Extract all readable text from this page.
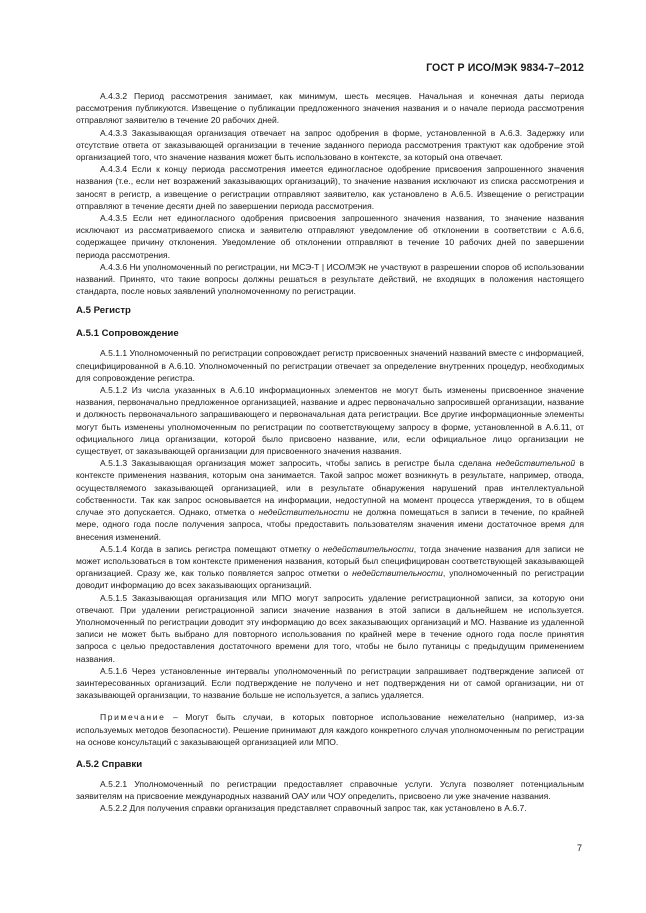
ГОСТ Р ИСО/МЭК 9834-7–2012

А.4.3.2 Период рассмотрения занимает, как минимум, шесть месяцев. Начальная и конечная даты периода рассмотрения публикуются. Извещение о публикации предложенного значения названия и о начале периода рассмотрения отправляют заявителю в течение 20 рабочих дней.

А.4.3.3 Заказывающая организация отвечает на запрос одобрения в форме, установленной в А.6.3. Задержку или отсутствие ответа от заказывающей организации в течение заданного периода рассмотрения трактуют как одобрение этой организацией того, что значение названия может быть использовано в контексте, за который она отвечает.

А.4.3.4 Если к концу периода рассмотрения имеется единогласное одобрение присвоения запрошенного значения названия (т.е., если нет возражений заказывающих организаций), то значение названия исключают из списка рассмотрения и заносят в регистр, а извещение о регистрации отправляют заявителю, как установлено в А.6.5. Извещение о регистрации отправляют в течение десяти дней по завершении периода рассмотрения.

А.4.3.5 Если нет единогласного одобрения присвоения запрошенного значения названия, то значение названия исключают из рассматриваемого списка и заявителю отправляют уведомление об отклонении в соответствии с А.6.6, содержащее причину отклонения. Уведомление об отклонении отправляют в течение 10 рабочих дней по завершении периода рассмотрения.

А.4.3.6 Ни уполномоченный по регистрации, ни МСЭ-Т | ИСО/МЭК не участвуют в разрешении споров об использовании названий. Принято, что такие вопросы должны решаться в результате действий, не входящих в положения настоящего стандарта, после новых заявлений уполномоченному по регистрации.

А.5 Регистр
А.5.1 Сопровождение

А.5.1.1 Уполномоченный по регистрации сопровождает регистр присвоенных значений названий вместе с информацией, специфицированной в А.6.10. Уполномоченный по регистрации отвечает за определение внутренних процедур, необходимых для сопровождение регистра.

А.5.1.2 Из числа указанных в А.6.10 информационных элементов не могут быть изменены присвоенное значение названия, первоначально предложенное организацией, название и адрес первоначально запросившей организации, название и должность первоначального запрашивающего и первоначальная дата регистрации. Все другие информационные элементы могут быть изменены уполномоченным по регистрации по соответствующему запросу в форме, установленной в А.6.11, от официального лица организации, которой было присвоено название, или, если официальное лицо организации не существует, от заказывающей организации для присвоенного значения названия.

А.5.1.3 Заказывающая организация может запросить, чтобы запись в регистре была сделана недействительной в контексте применения названия, которым она занимается. Такой запрос может возникнуть в результате, например, отвода, осуществляемого заказывающей организацией, или в результате обнаружения нарушений прав интеллектуальной собственности. Так как запрос основывается на информации, недоступной на момент процесса утверждения, то в общем случае это допускается. Однако, отметка о недействительности не должна помещаться в записи в течение, по крайней мере, одного года после получения запроса, чтобы предоставить пользователям значения имени достаточное время для внесения изменений.

А.5.1.4 Когда в запись регистра помещают отметку о недействительности, тогда значение названия для записи не может использоваться в том контексте применения названия, который был специфицирован соответствующей заказывающей организацией. Сразу же, как только появляется запрос отметки о недействительности, уполномоченный по регистрации доводит информацию до всех заказывающих организаций.

А.5.1.5 Заказывающая организация или МПО могут запросить удаление регистрационной записи, за которую они отвечают. При удалении регистрационной записи значение названия в этой записи в дальнейшем не используется. Уполномоченный по регистрации доводит эту информацию до всех заказывающих организаций и МО. Название из удаленной записи не может быть выбрано для повторного использования по крайней мере в течение одного года после принятия запроса с целью предоставления достаточного времени для того, чтобы не было путаницы с предыдущим применением названия.

А.5.1.6 Через установленные интервалы уполномоченный по регистрации запрашивает подтверждение записей от заинтересованных организаций. Если подтверждение не получено и нет подтверждения ни от самой организации, ни от заказывающей организации, то название больше не используется, а запись удаляется.

Примечание – Могут быть случаи, в которых повторное использование нежелательно (например, из-за используемых методов безопасности). Решение принимают для каждого конкретного случая уполномоченным по регистрации на основе консультаций с заказывающей организацией или МПО.

А.5.2 Справки

А.5.2.1 Уполномоченный по регистрации предоставляет справочные услуги. Услуга позволяет потенциальным заявителям на присвоение международных названий ОАУ или ЧОУ определить, присвоено ли уже значение названия.

А.5.2.2 Для получения справки организация представляет справочный запрос так, как установлено в А.6.7.

7
